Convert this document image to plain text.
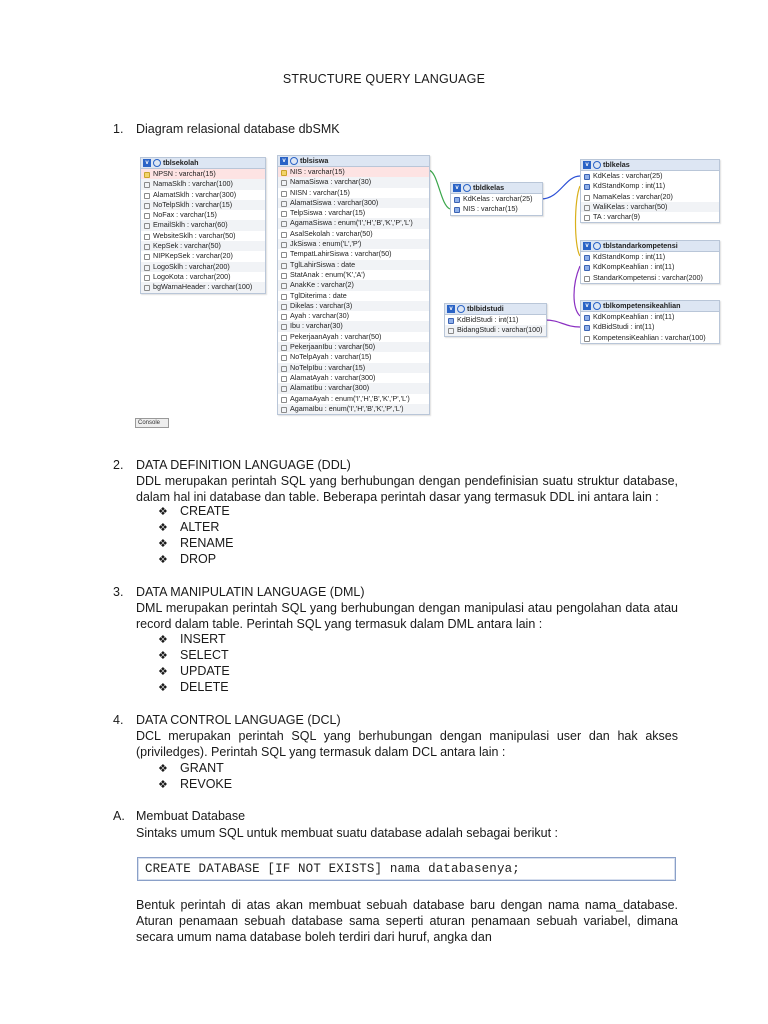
STRUCTURE QUERY LANGUAGE
1. Diagram relasional database dbSMK
v	tblsekolah
NPSN : varchar(15)
NamaSklh : varchar(100)
AlamatSklh : varchar(300)
NoTelpSklh : varchar(15)
NoFax : varchar(15)
EmailSklh : varchar(60)
WebsiteSklh : varchar(50)
KepSek : varchar(50)
NIPKepSek : varchar(20)
LogoSklh : varchar(200)
LogoKota : varchar(200)
bgWarnaHeader : varchar(100)
v	tblsiswa
NIS : varchar(15)
NamaSiswa : varchar(30)
NISN : varchar(15)
AlamatSiswa : varchar(300)
TelpSiswa : varchar(15)
AgamaSiswa : enum('I','H','B','K','P','L')
AsalSekolah : varchar(50)
JkSiswa : enum('L','P')
TempatLahirSiswa : varchar(50)
TglLahirSiswa : date
StatAnak : enum('K','A')
AnakKe : varchar(2)
TglDiterima : date
Dikelas : varchar(3)
Ayah : varchar(30)
Ibu : varchar(30)
PekerjaanAyah : varchar(50)
PekerjaanIbu : varchar(50)
NoTelpAyah : varchar(15)
NoTelpIbu : varchar(15)
AlamatAyah : varchar(300)
AlamatIbu : varchar(300)
AgamaAyah : enum('I','H','B','K','P','L')
AgamaIbu : enum('I','H','B','K','P','L')
v	tbldkelas
KdKelas : varchar(25)
NIS : varchar(15)
v	tblkelas
KdKelas : varchar(25)
KdStandKomp : int(11)
NamaKelas : varchar(20)
WaliKelas : varchar(50)
TA : varchar(9)
v	tblstandarkompetensi
KdStandKomp : int(11)
KdKompKeahlian : int(11)
StandarKompetensi : varchar(200)
v	tblbidstudi
KdBidStudi : int(11)
BidangStudi : varchar(100)
v	tblkompetensikeahlian
KdKompKeahlian : int(11)
KdBidStudi : int(11)
KompetensiKeahlian : varchar(100)
Console
2. DATA DEFINITION LANGUAGE (DDL)
DDL merupakan perintah SQL yang berhubungan dengan pendefinisian suatu struktur database, dalam hal ini database dan table. Beberapa perintah dasar yang termasuk DDL ini antara lain :
❖ CREATE
❖ ALTER
❖ RENAME
❖ DROP
3. DATA MANIPULATIN LANGUAGE (DML)
DML merupakan perintah SQL yang berhubungan dengan manipulasi atau pengolahan data atau record dalam table. Perintah SQL yang termasuk dalam DML antara lain :
❖ INSERT
❖ SELECT
❖ UPDATE
❖ DELETE
4. DATA CONTROL LANGUAGE (DCL)
DCL merupakan perintah SQL yang berhubungan dengan manipulasi user dan hak akses (priviledges). Perintah SQL yang termasuk dalam DCL antara lain :
❖ GRANT
❖ REVOKE
A. Membuat Database
Sintaks umum SQL untuk membuat suatu database adalah sebagai berikut :
CREATE DATABASE [IF NOT EXISTS] nama databasenya;
Bentuk perintah di atas akan membuat sebuah database baru dengan nama nama_database. Aturan penamaan sebuah database sama seperti aturan penamaan sebuah variabel, dimana secara umum nama database boleh terdiri dari huruf, angka dan
